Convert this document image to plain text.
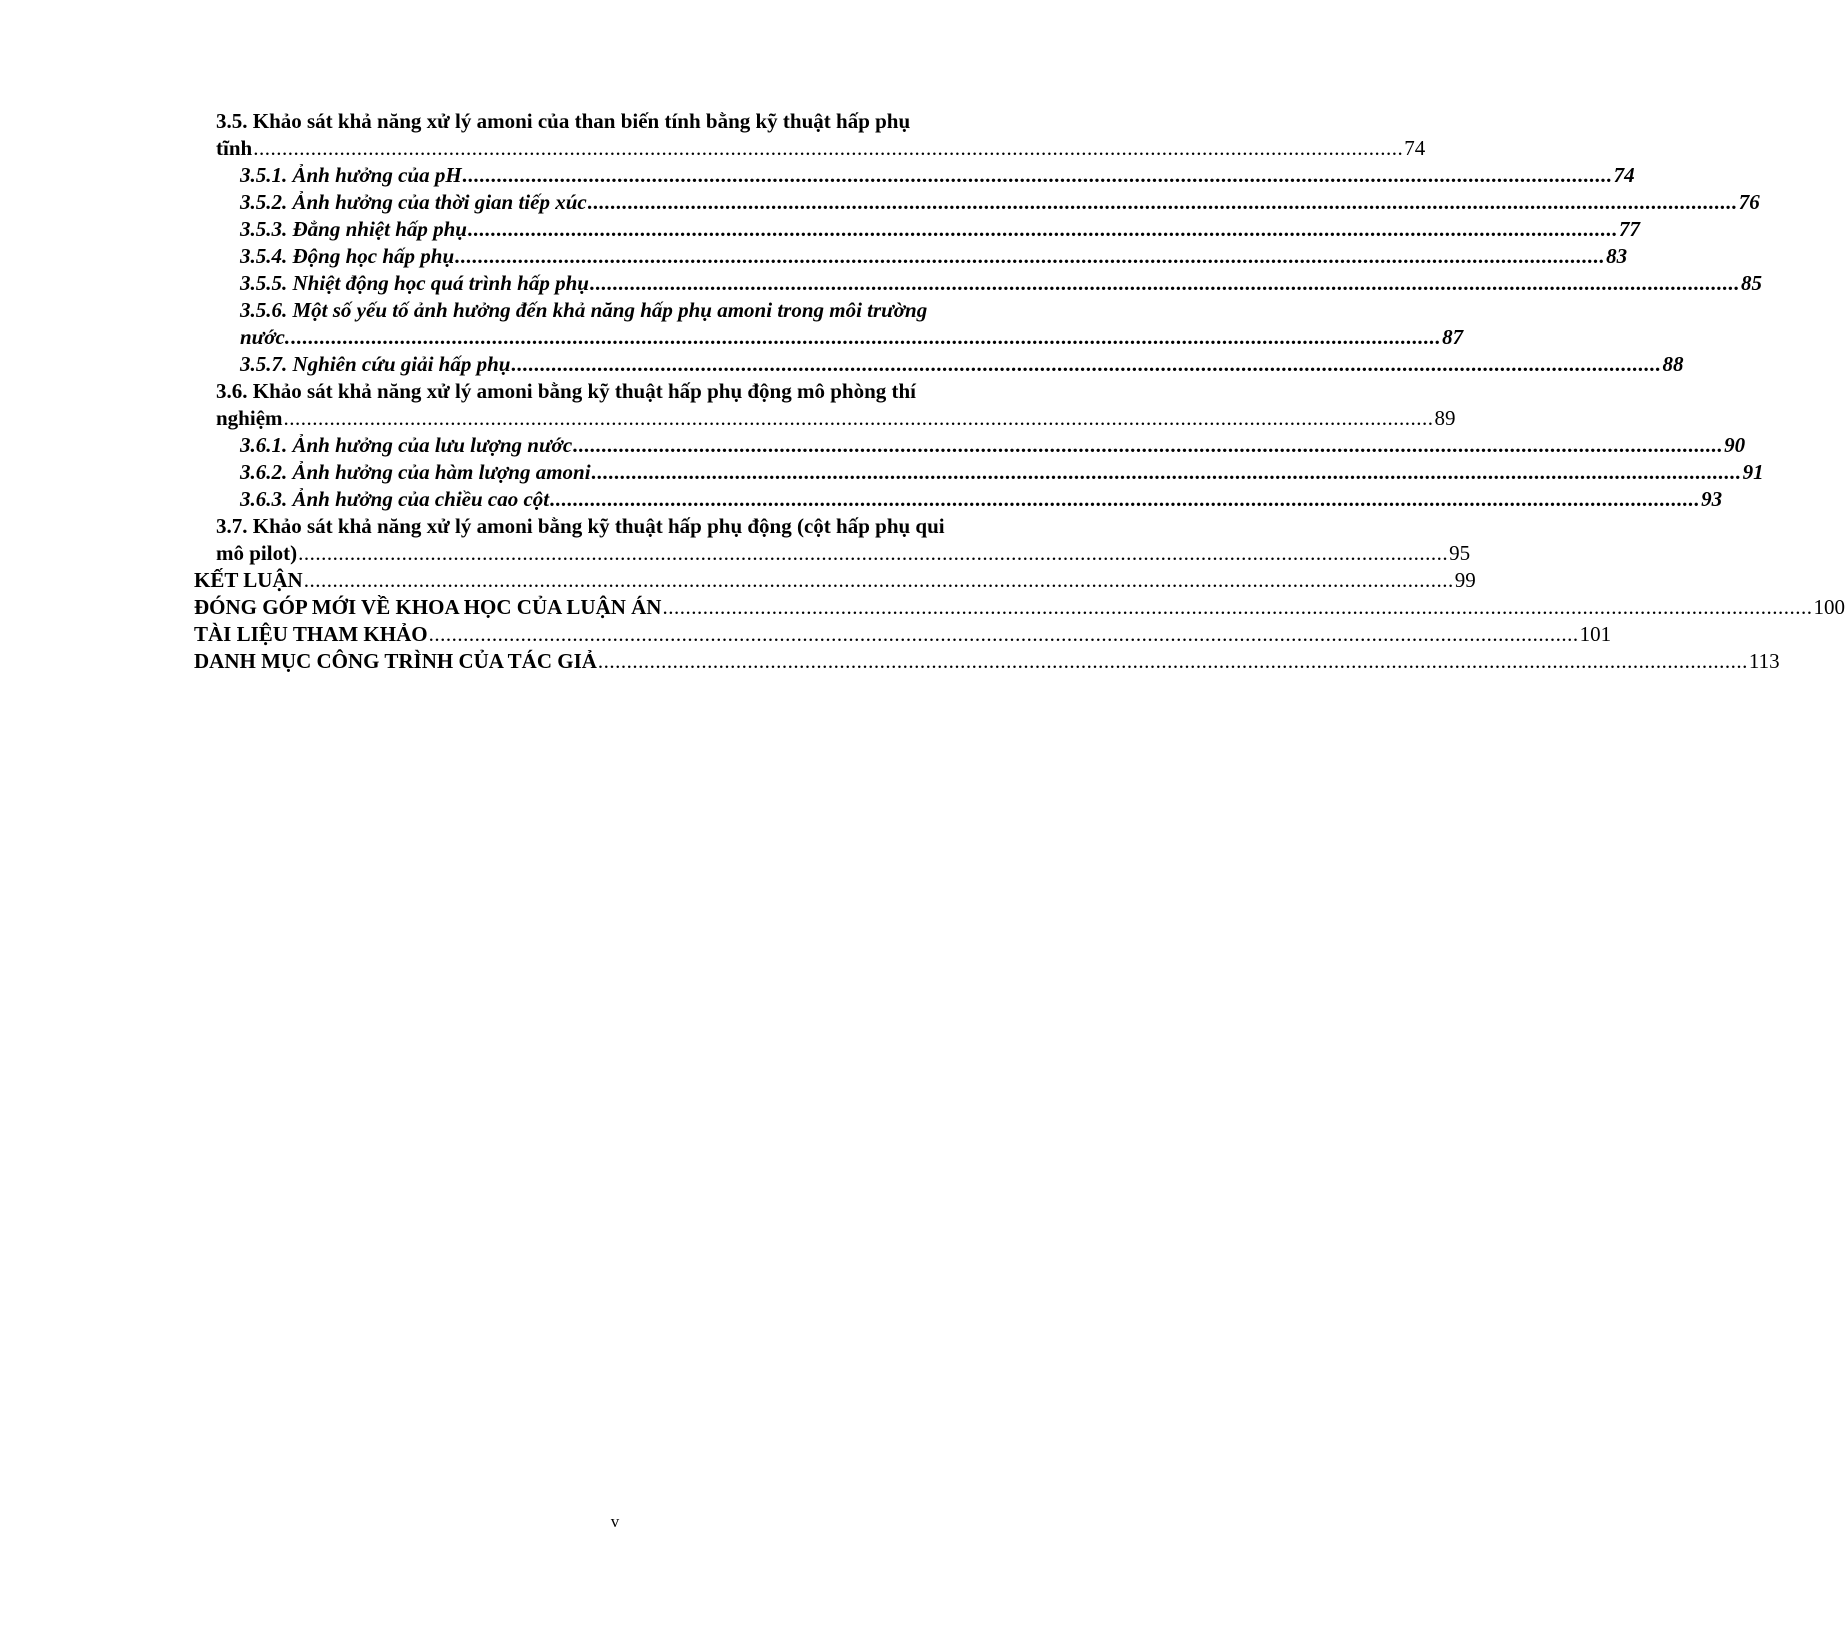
3.5. Khảo sát khả năng xử lý amoni của than biến tính bằng kỹ thuật hấp phụ
tĩnh ........................................................................................................................................................................................................ 74
3.5.1. Ảnh hưởng của pH ........................................................................................................................................................................................................ 74
3.5.2. Ảnh hưởng của thời gian tiếp xúc ........................................................................................................................................................................................................ 76
3.5.3. Đẳng nhiệt hấp phụ ........................................................................................................................................................................................................ 77
3.5.4. Động học hấp phụ ........................................................................................................................................................................................................ 83
3.5.5. Nhiệt động học quá trình hấp phụ ........................................................................................................................................................................................................ 85
3.5.6. Một số yếu tố ảnh hưởng đến khả năng hấp phụ amoni trong môi trường
nước. ........................................................................................................................................................................................................ 87
3.5.7. Nghiên cứu giải hấp phụ ........................................................................................................................................................................................................ 88
3.6. Khảo sát khả năng xử lý amoni bằng kỹ thuật hấp phụ động mô phòng thí
nghiệm ........................................................................................................................................................................................................ 89
3.6.1. Ảnh hưởng của lưu lượng nước ........................................................................................................................................................................................................ 90
3.6.2. Ảnh hưởng của hàm lượng amoni ........................................................................................................................................................................................................ 91
3.6.3. Ảnh hưởng của chiều cao cột ........................................................................................................................................................................................................ 93
3.7. Khảo sát khả năng xử lý amoni bằng kỹ thuật hấp phụ động (cột hấp phụ qui
mô pilot) ........................................................................................................................................................................................................ 95
KẾT LUẬN ........................................................................................................................................................................................................ 99
ĐÓNG GÓP MỚI VỀ KHOA HỌC CỦA LUẬN ÁN ........................................................................................................................................................................................................ 100
TÀI LIỆU THAM KHẢO ........................................................................................................................................................................................................ 101
DANH MỤC CÔNG TRÌNH CỦA TÁC GIẢ ........................................................................................................................................................................................................ 113
v
